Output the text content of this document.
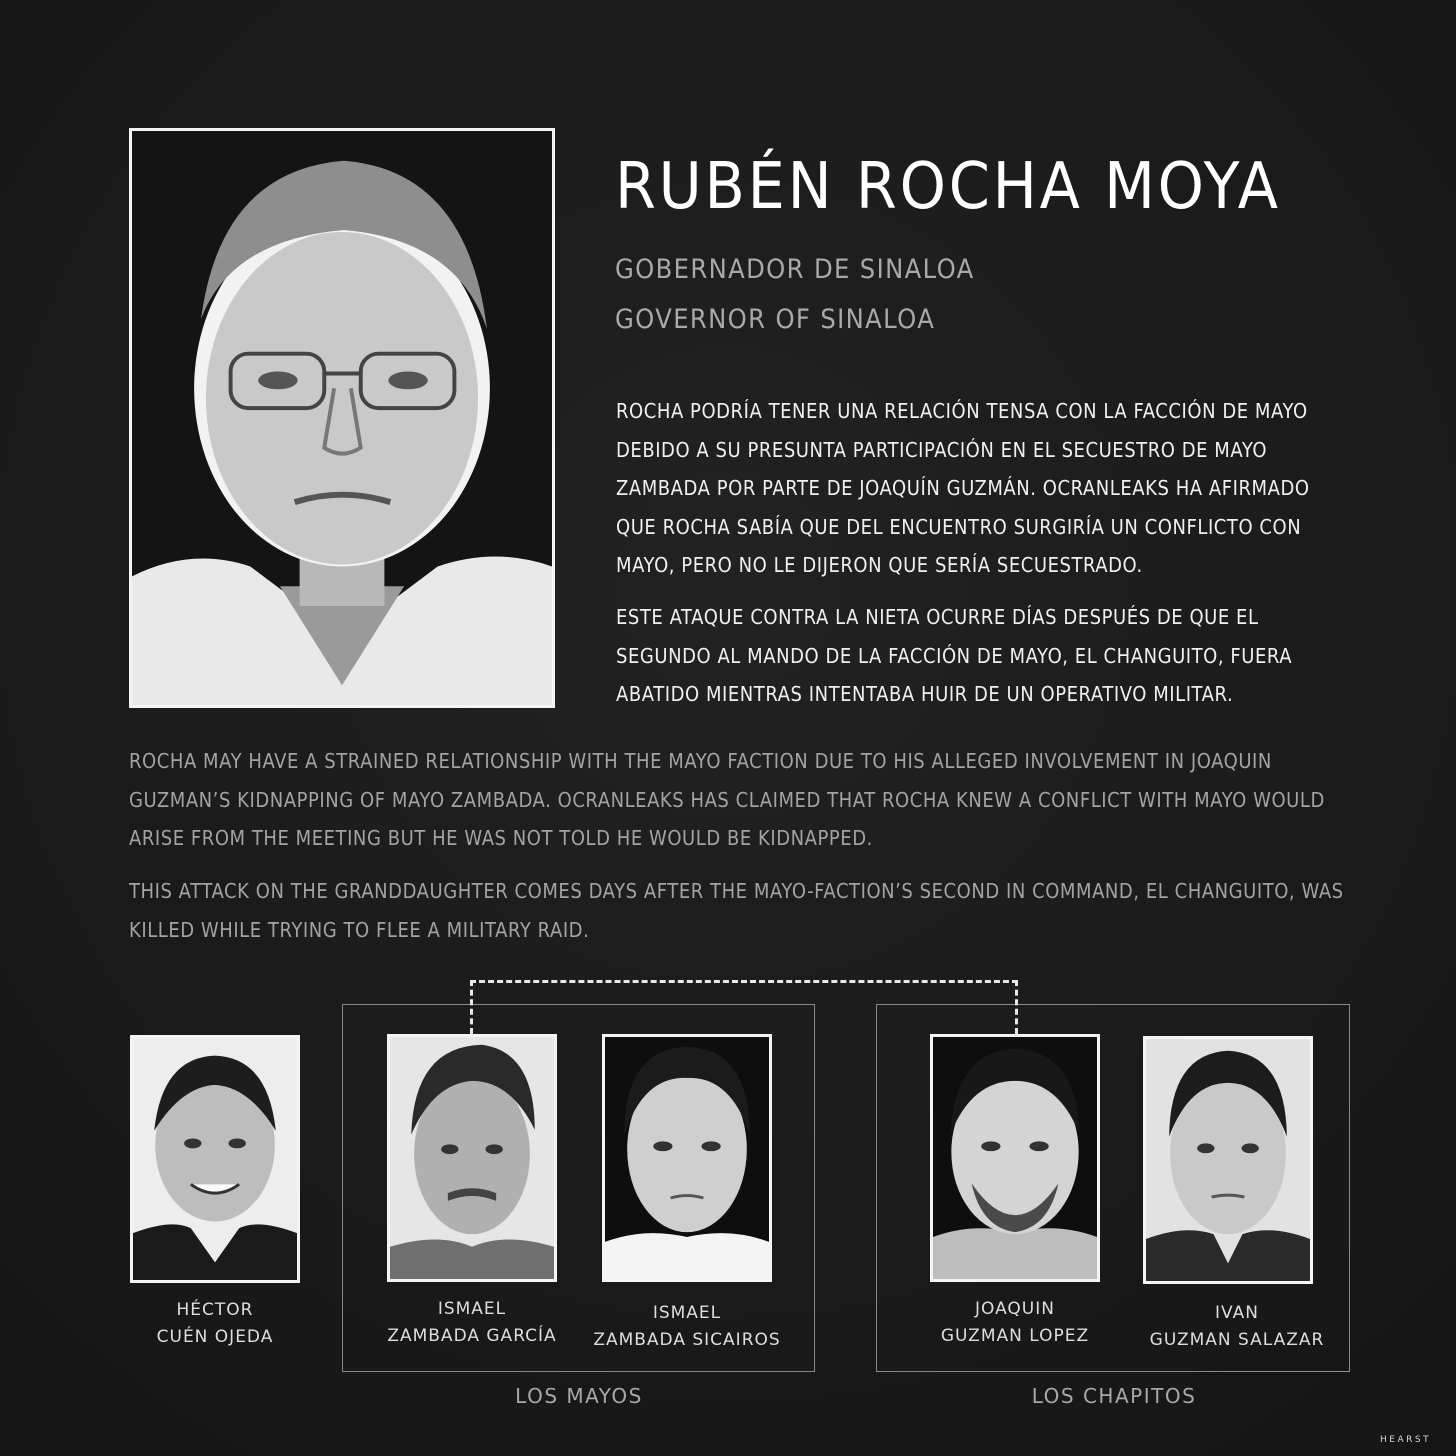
RUBÉN ROCHA MOYA
GOBERNADOR DE SINALOA
GOVERNOR OF SINALOA
ROCHA PODRÍA TENER UNA RELACIÓN TENSA CON LA FACCIÓN DE MAYO DEBIDO A SU PRESUNTA PARTICIPACIÓN EN EL SECUESTRO DE MAYO ZAMBADA POR PARTE DE JOAQUÍN GUZMÁN. OCRANLEAKS HA AFIRMADO QUE ROCHA SABÍA QUE DEL ENCUENTRO SURGIRÍA UN CONFLICTO CON MAYO, PERO NO LE DIJERON QUE SERÍA SECUESTRADO.
ESTE ATAQUE CONTRA LA NIETA OCURRE DÍAS DESPUÉS DE QUE EL SEGUNDO AL MANDO DE LA FACCIÓN DE MAYO, EL CHANGUITO, FUERA ABATIDO MIENTRAS INTENTABA HUIR DE UN OPERATIVO MILITAR.
ROCHA MAY HAVE A STRAINED RELATIONSHIP WITH THE MAYO FACTION DUE TO HIS ALLEGED INVOLVEMENT IN JOAQUIN GUZMAN’S KIDNAPPING OF MAYO ZAMBADA. OCRANLEAKS HAS CLAIMED THAT ROCHA KNEW A CONFLICT WITH MAYO WOULD ARISE FROM THE MEETING BUT HE WAS NOT TOLD HE WOULD BE KIDNAPPED.
THIS ATTACK ON THE GRANDDAUGHTER COMES DAYS AFTER THE MAYO-FACTION’S SECOND IN COMMAND, EL CHANGUITO, WAS KILLED WHILE TRYING TO FLEE A MILITARY RAID.
HÉCTOR
CUÉN OJEDA
ISMAEL
ZAMBADA GARCÍA
ISMAEL
ZAMBADA SICAIROS
JOAQUIN
GUZMAN LOPEZ
IVAN
GUZMAN SALAZAR
LOS MAYOS	LOS CHAPITOS
HEARST
